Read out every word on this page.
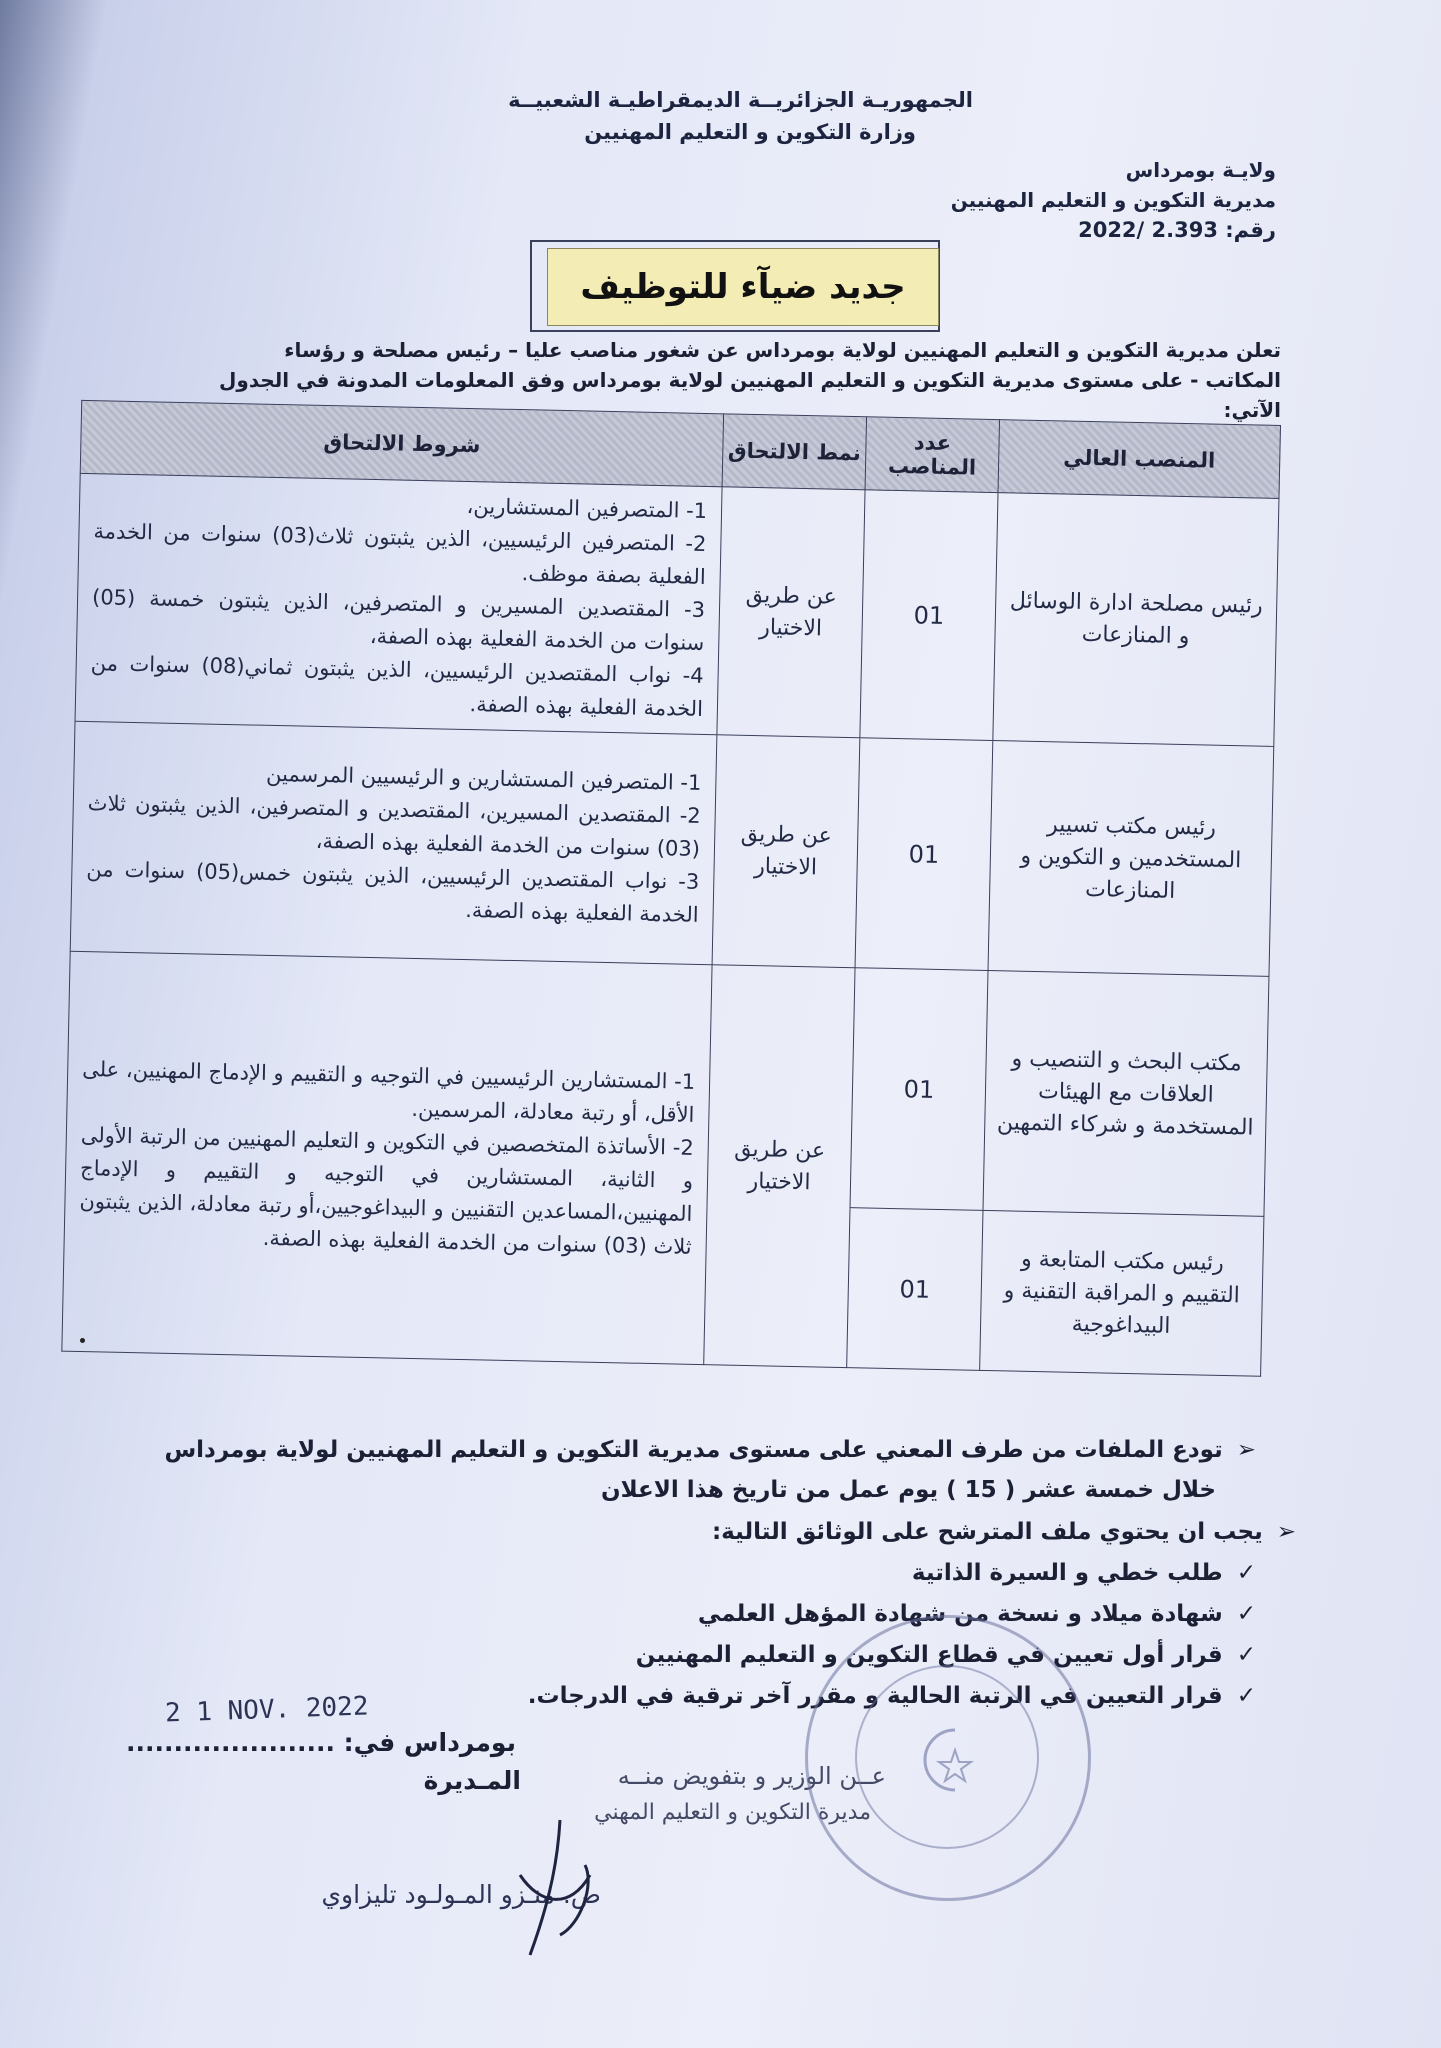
الجمهوريـة الجزائريــة الديمقراطيـة الشعبيــة
وزارة التكوين و التعليم المهنيين
ولايـة بومرداس
مديرية التكوين و التعليم المهنيين
رقم: 2.393 /2022
جديد ضيآء للتوظيف
تعلن مديرية التكوين و التعليم المهنيين لولاية بومرداس عن شغور مناصب عليا – رئيس مصلحة و رؤساء
المكاتب - على مستوى مديرية التكوين و التعليم المهنيين لولاية بومرداس وفق المعلومات المدونة في الجدول
الآتي:
المنصب العالي	عدد المناصب	نمط الالتحاق	شروط الالتحاق
رئيس مصلحة ادارة الوسائل و المنازعات	01	عن طريق الاختيار	1- المتصرفين المستشارين،
2- المتصرفين الرئيسيين، الذين يثبتون ثلاث(03) سنوات من الخدمة الفعلية بصفة موظف.
3- المقتصدين المسيرين و المتصرفين، الذين يثبتون خمسة (05) سنوات من الخدمة الفعلية بهذه الصفة،
4- نواب المقتصدين الرئيسيين، الذين يثبتون ثماني(08) سنوات من الخدمة الفعلية بهذه الصفة.

رئيس مكتب تسيير المستخدمين و التكوين و المنازعات	01	عن طريق الاختيار	1- المتصرفين المستشارين و الرئيسيين المرسمين
2- المقتصدين المسيرين، المقتصدين و المتصرفين، الذين يثبتون ثلاث (03) سنوات من الخدمة الفعلية بهذه الصفة،
3- نواب المقتصدين الرئيسيين، الذين يثبتون خمس(05) سنوات من الخدمة الفعلية بهذه الصفة.

مكتب البحث و التنصيب و العلاقات مع الهيئات المستخدمة و شركاء التمهين	01	عن طريق الاختيار	1- المستشارين الرئيسيين في التوجيه و التقييم و الإدماج المهنيين، على الأقل، أو رتبة معادلة، المرسمين.
2- الأساتذة المتخصصين في التكوين و التعليم المهنيين من الرتبة الأولى و الثانية، المستشارين في التوجيه و التقييم و الإدماج المهنيين،المساعدين التقنيين و البيداغوجيين،أو رتبة معادلة، الذين يثبتون ثلاث (03) سنوات من الخدمة الفعلية بهذه الصفة.

رئيس مكتب المتابعة و التقييم و المراقبة التقنية و البيداغوجية	01		
➢تودع الملفات من طرف المعني على مستوى مديرية التكوين و التعليم المهنيين لولاية بومرداس
خلال خمسة عشر ( 15 ) يوم عمل من تاريخ هذا الاعلان
➢يجب ان يحتوي ملف المترشح على الوثائق التالية:
✓طلب خطي و السيرة الذاتية
✓شهادة ميلاد و نسخة من شهادة المؤهل العلمي
✓قرار أول تعيين في قطاع التكوين و التعليم المهنيين
✓قرار التعيين في الرتبة الحالية و مقرر آخر ترقية في الدرجات.
2 1 NOV. 2022
بومرداس في: ......................
عــن الوزير و بتفويض منــه
المـديرة
مديرة التكوين و التعليم المهني
ص. منـزو المـولـود تليزاوي
